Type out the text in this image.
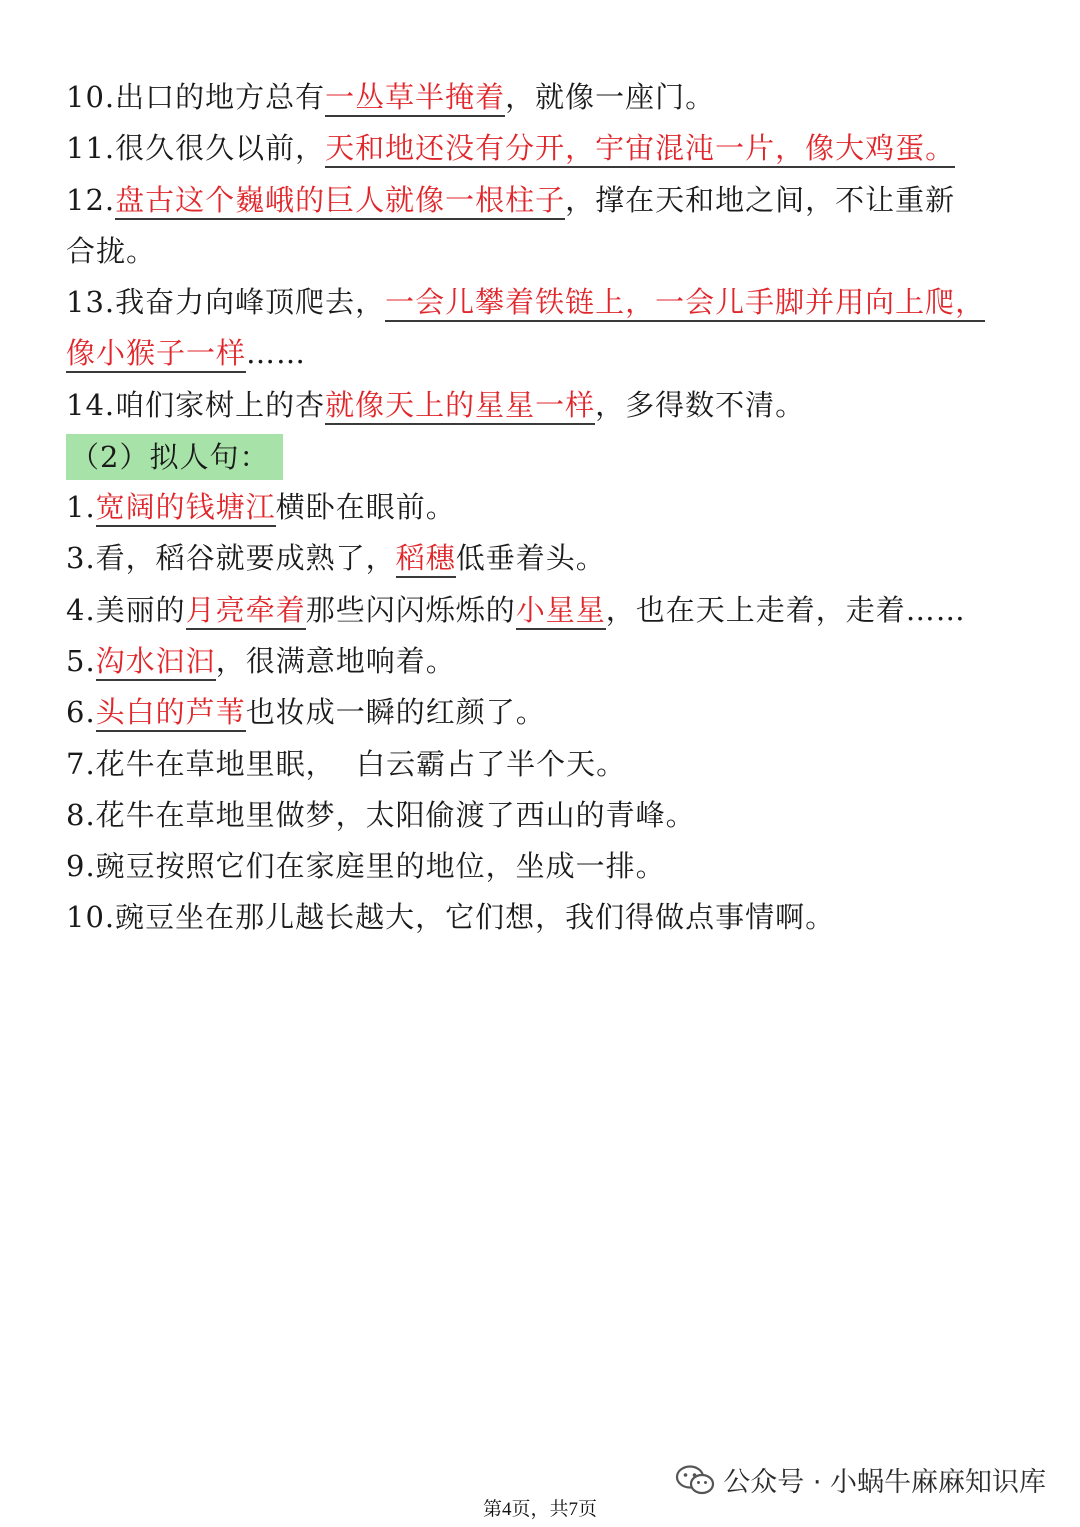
10.出口的地方总有一丛草半掩着，就像一座门。
11.很久很久以前，天和地还没有分开，宇宙混沌一片，像大鸡蛋。
12.盘古这个巍峨的巨人就像一根柱子，撑在天和地之间，不让重新
合拢。
13.我奋力向峰顶爬去，一会儿攀着铁链上，一会儿手脚并用向上爬，
像小猴子一样……
14.咱们家树上的杏就像天上的星星一样，多得数不清。
（2）拟人句：
1.宽阔的钱塘江横卧在眼前。
3.看，稻谷就要成熟了，稻穗低垂着头。
4.美丽的月亮牵着那些闪闪烁烁的小星星，也在天上走着，走着……
5.沟水汩汩，很满意地响着。
6.头白的芦苇也妆成一瞬的红颜了。
7.花牛在草地里眠，  白云霸占了半个天。
8.花牛在草地里做梦，太阳偷渡了西山的青峰。
9.豌豆按照它们在家庭里的地位，坐成一排。
10.豌豆坐在那儿越长越大，它们想，我们得做点事情啊。
公众号 · 小蜗牛麻麻知识库
第4页，共7页
